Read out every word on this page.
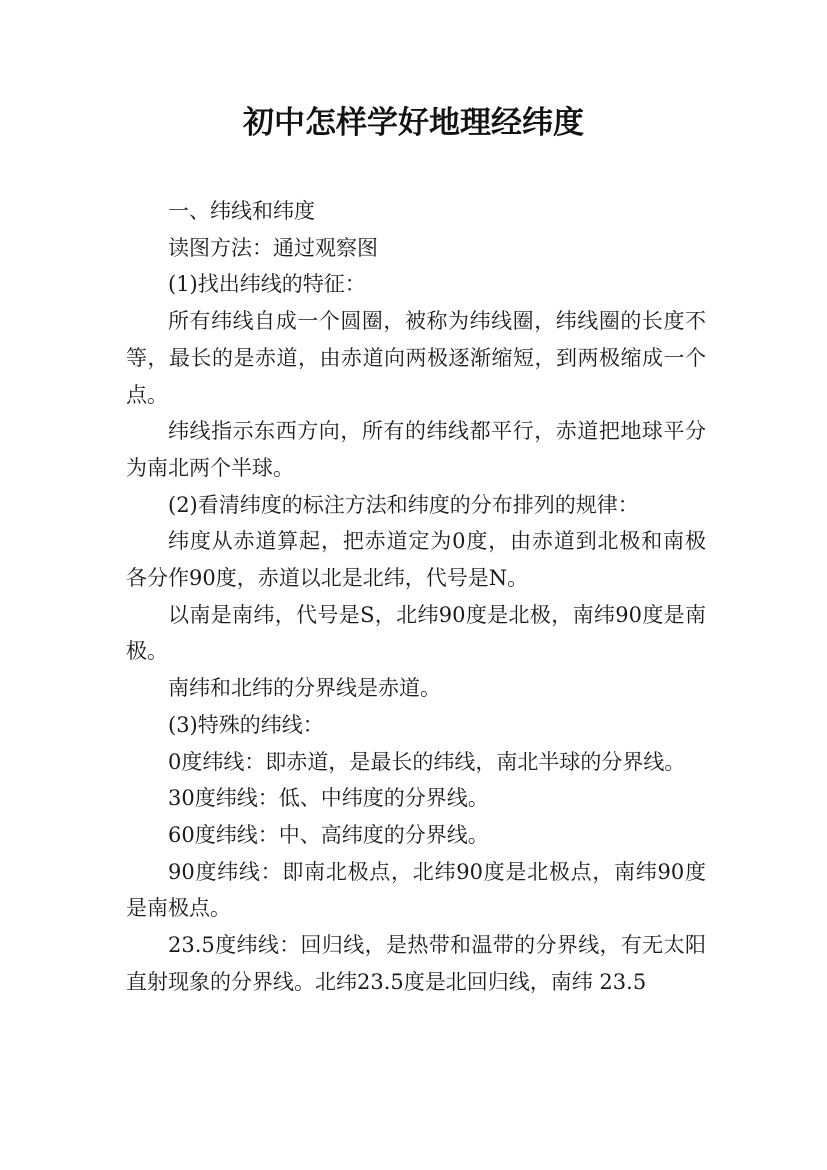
初中怎样学好地理经纬度

一、纬线和纬度

读图方法：通过观察图

(1)找出纬线的特征：

所有纬线自成一个圆圈，被称为纬线圈，纬线圈的长度不等，最长的是赤道，由赤道向两极逐渐缩短，到两极缩成一个点。

纬线指示东西方向，所有的纬线都平行，赤道把地球平分为南北两个半球。

(2)看清纬度的标注方法和纬度的分布排列的规律：

纬度从赤道算起，把赤道定为0度，由赤道到北极和南极各分作90度，赤道以北是北纬，代号是N。

以南是南纬，代号是S，北纬90度是北极，南纬90度是南极。

南纬和北纬的分界线是赤道。

(3)特殊的纬线：

0度纬线：即赤道，是最长的纬线，南北半球的分界线。

30度纬线：低、中纬度的分界线。

60度纬线：中、高纬度的分界线。

90度纬线：即南北极点，北纬90度是北极点，南纬90度是南极点。

23.5度纬线：回归线，是热带和温带的分界线，有无太阳直射现象的分界线。北纬23.5度是北回归线，南纬 23.5
